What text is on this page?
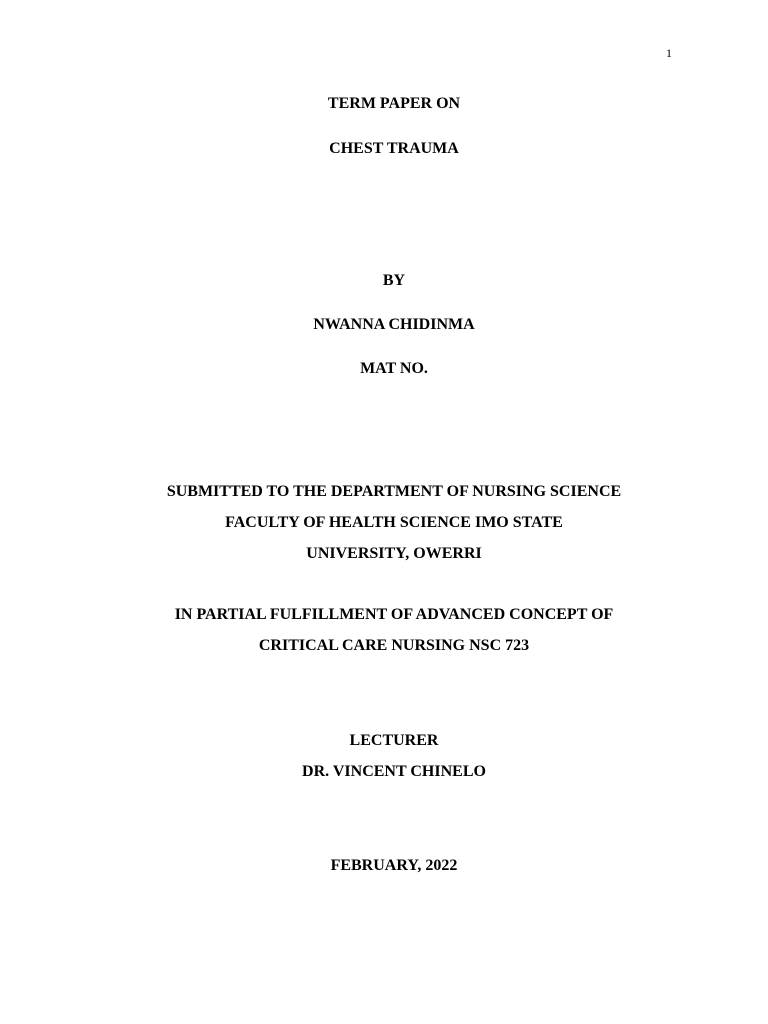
1
TERM PAPER ON
CHEST TRAUMA
BY
NWANNA CHIDINMA
MAT NO.
SUBMITTED TO THE DEPARTMENT OF NURSING SCIENCE
FACULTY OF HEALTH SCIENCE IMO STATE
UNIVERSITY, OWERRI
IN PARTIAL FULFILLMENT OF ADVANCED CONCEPT OF
CRITICAL CARE NURSING NSC 723
LECTURER
DR. VINCENT CHINELO
FEBRUARY, 2022
